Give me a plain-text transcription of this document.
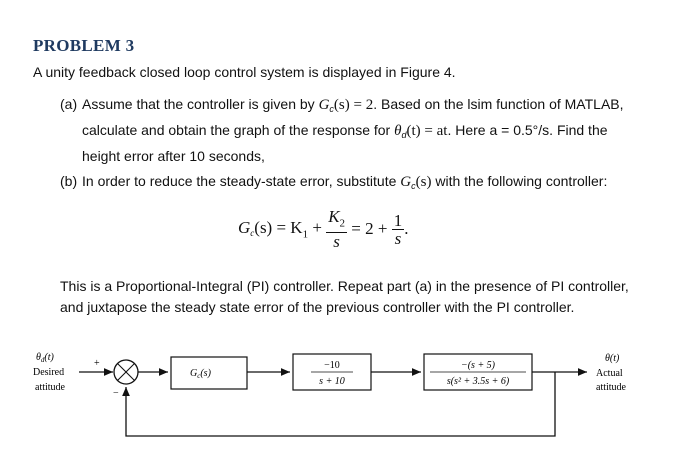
PROBLEM 3
A unity feedback closed loop control system is displayed in Figure 4.
(a) Assume that the controller is given by $G_c(s) = 2$. Based on the lsim function of MATLAB,
calculate and obtain the graph of the response for $\theta_d(t)$ = at. Here a = 0.5°/s. Find the
height error after 10 seconds,
(b) In order to reduce the steady-state error, substitute $G_c(s)$ with the following controller:
$G_c(s) = K_1 + \frac{K_2}{s} = 2 + \frac{1}{s}$ .
This is a Proportional-Integral (PI) controller. Repeat part (a) in the presence of PI controller,
and juxtapose the steady state error of the previous controller with the PI controller.
$\theta_d(t)$
Desired
attitude
+
−
$G_c(s)$
−10
s + 10
−(s + 5)
s(s² + 3.5s + 6)
θ(t)
Actual
attitude
